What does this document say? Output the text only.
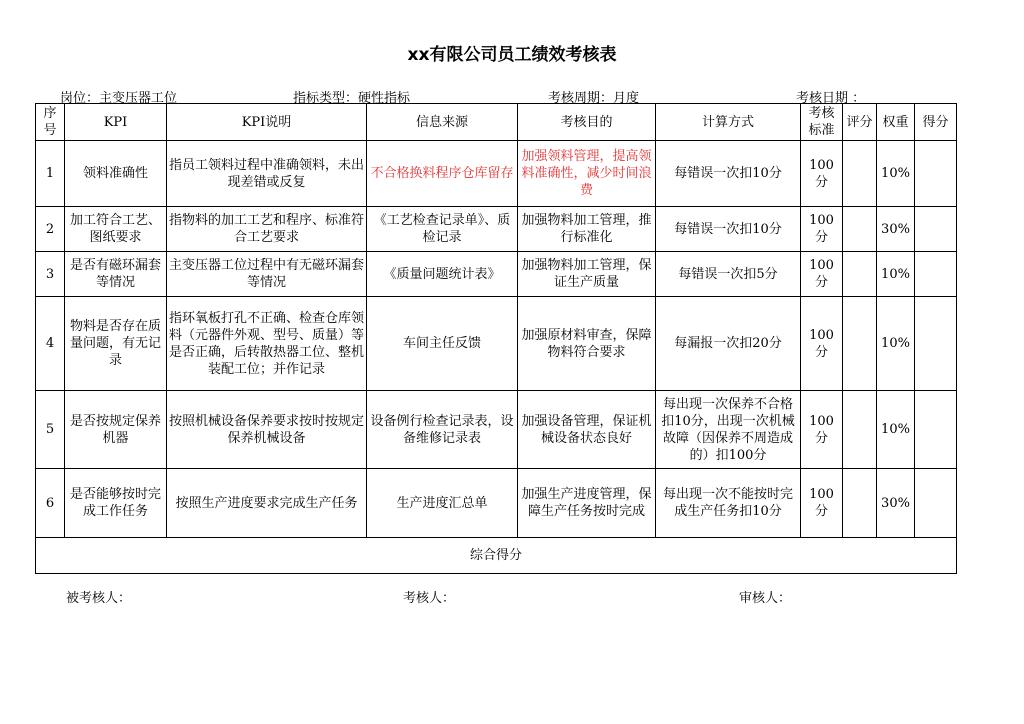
xx有限公司员工绩效考核表
岗位：主变压器工位	指标类型：硬性指标	考核周期：月度	考核日期 ：
序号	KPI	KPI说明	信息来源	考核目的	计算方式	考核标准	评分	权重	得分
1	领料准确性	指员工领料过程中准确领料，未出现差错或反复	不合格换料程序仓库留存	加强领料管理，提高领料准确性，减少时间浪费	每错误一次扣10分	100分		10%	
2	加工符合工艺、图纸要求	指物料的加工工艺和程序、标准符合工艺要求	《工艺检查记录单》、质检记录	加强物料加工管理，推行标准化	每错误一次扣10分	100分		30%	
3	是否有磁环漏套等情况	主变压器工位过程中有无磁环漏套等情况	《质量问题统计表》	加强物料加工管理，保证生产质量	每错误一次扣5分	100分		10%	
4	物料是否存在质量问题，有无记录	指环氧板打孔不正确、检查仓库领料（元器件外观、型号、质量）等是否正确，后转散热器工位、整机装配工位；并作记录	车间主任反馈	加强原材料审查，保障物料符合要求	每漏报一次扣20分	100分		10%	
5	是否按规定保养机器	按照机械设备保养要求按时按规定保养机械设备	设备例行检查记录表，设备维修记录表	加强设备管理，保证机械设备状态良好	每出现一次保养不合格扣10分，出现一次机械故障（因保养不周造成的）扣100分	100分		10%	
6	是否能够按时完成工作任务	按照生产进度要求完成生产任务	生产进度汇总单	加强生产进度管理，保障生产任务按时完成	每出现一次不能按时完成生产任务扣10分	100分		30%	
综合得分									
被考核人：	考核人：	审核人：
